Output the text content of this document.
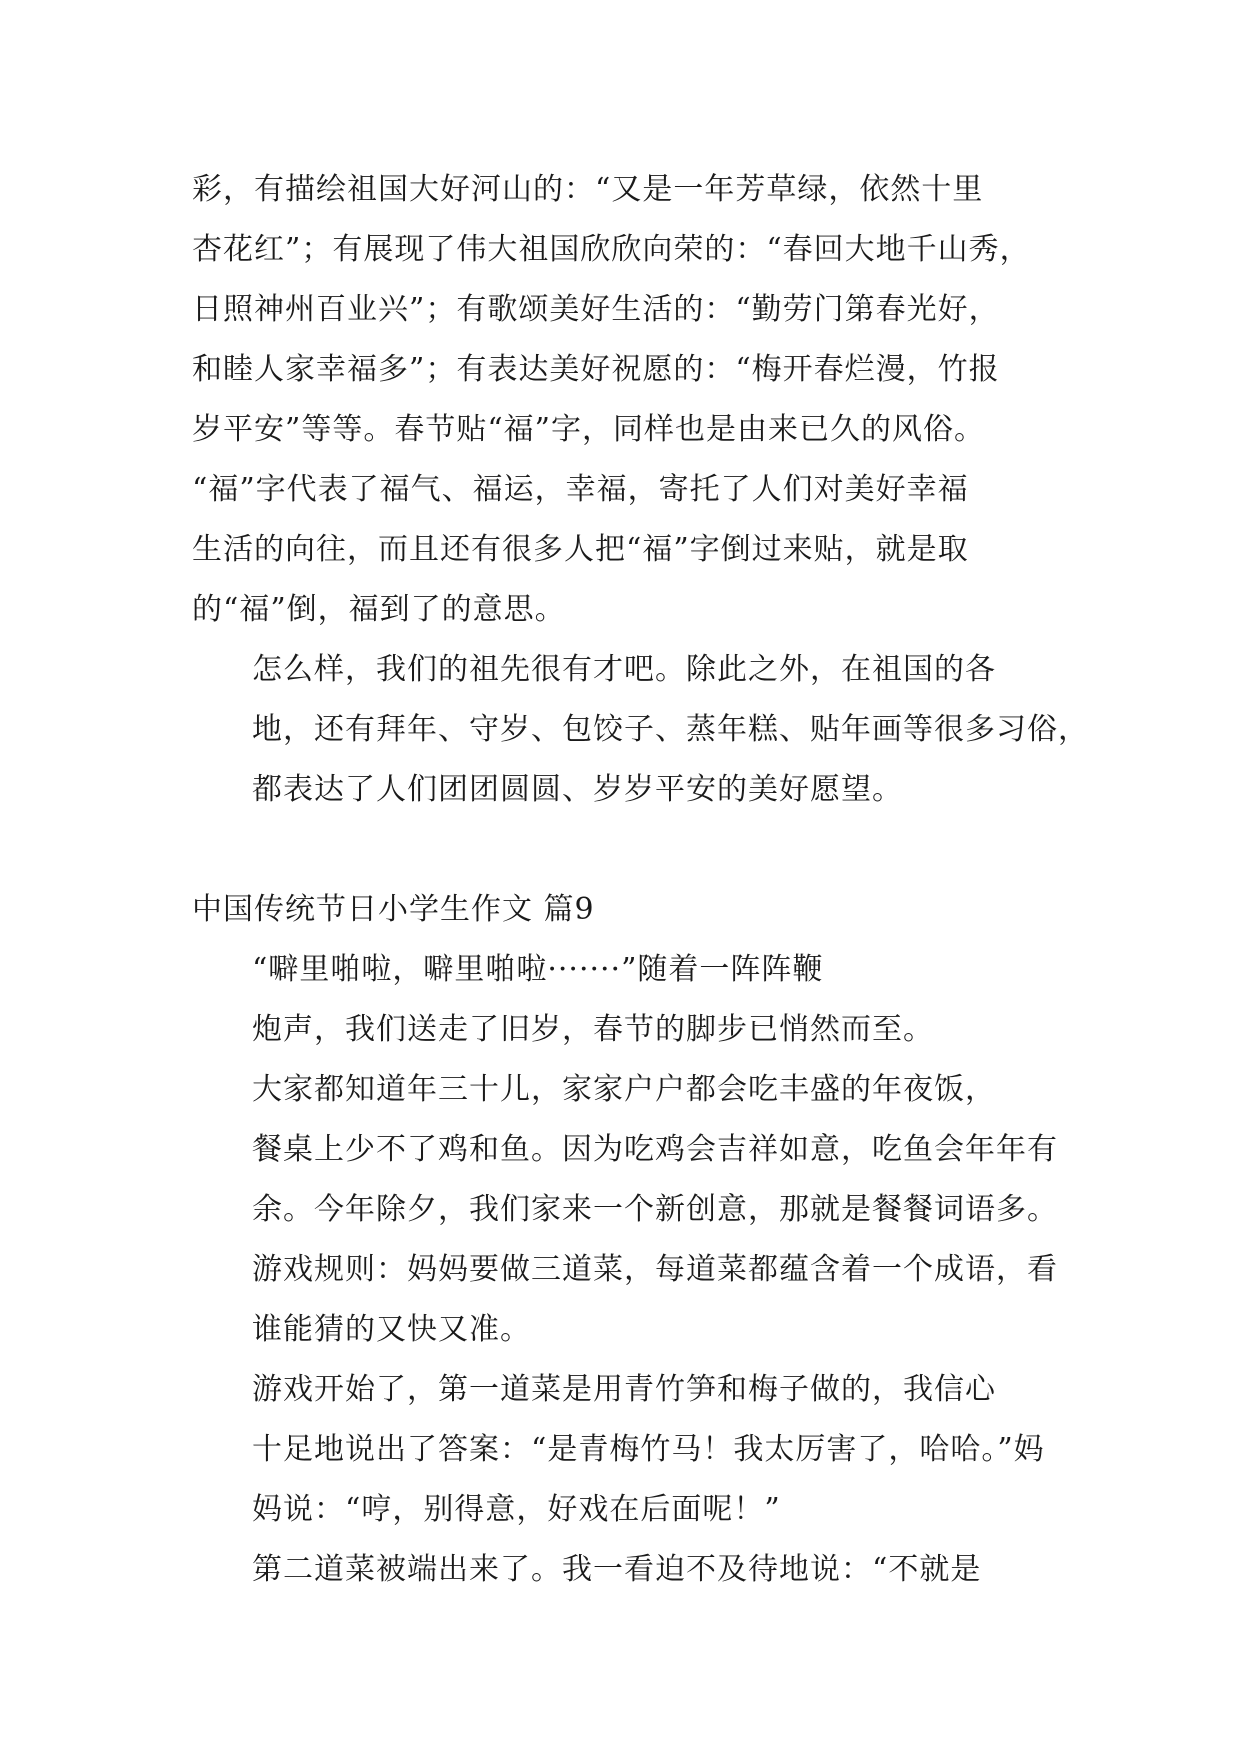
彩，有描绘祖国大好河山的：“又是一年芳草绿，依然十里
杏花红”；有展现了伟大祖国欣欣向荣的：“春回大地千山秀，
日照神州百业兴”；有歌颂美好生活的：“勤劳门第春光好，
和睦人家幸福多”；有表达美好祝愿的：“梅开春烂漫，竹报
岁平安”等等。春节贴“福”字，同样也是由来已久的风俗。
“福”字代表了福气、福运，幸福，寄托了人们对美好幸福
生活的向往，而且还有很多人把“福”字倒过来贴，就是取
的“福”倒，福到了的意思。

怎么样，我们的祖先很有才吧。除此之外，在祖国的各
地，还有拜年、守岁、包饺子、蒸年糕、贴年画等很多习俗，
都表达了人们团团圆圆、岁岁平安的美好愿望。

中国传统节日小学生作文 篇9

“噼里啪啦，噼里啪啦·······”随着一阵阵鞭
炮声，我们送走了旧岁，春节的脚步已悄然而至。

大家都知道年三十儿，家家户户都会吃丰盛的年夜饭，
餐桌上少不了鸡和鱼。因为吃鸡会吉祥如意，吃鱼会年年有
余。今年除夕，我们家来一个新创意，那就是餐餐词语多。
游戏规则：妈妈要做三道菜，每道菜都蕴含着一个成语，看
谁能猜的又快又准。

游戏开始了，第一道菜是用青竹笋和梅子做的，我信心
十足地说出了答案：“是青梅竹马！我太厉害了，哈哈。”妈
妈说：“哼，别得意，好戏在后面呢！”

第二道菜被端出来了。我一看迫不及待地说：“不就是
